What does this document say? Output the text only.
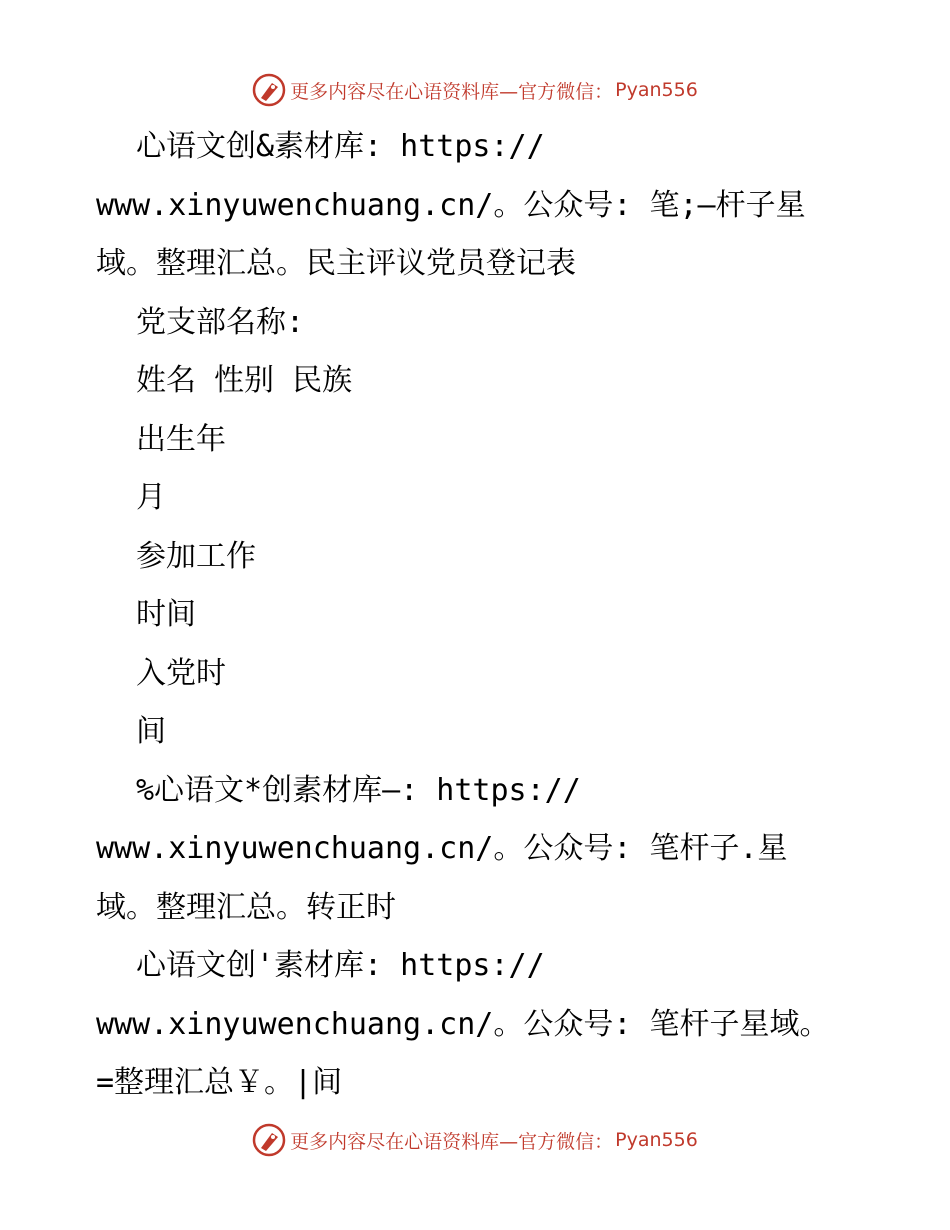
更多内容尽在心语资料库—官方微信： Pyan556
心语文创&素材库: https://
www.xinyuwenchuang.cn/。公众号: 笔;—杆子星
域。整理汇总。民主评议党员登记表
党支部名称:
姓名 性别 民族
出生年
月
参加工作
时间
入党时
间
%心语文*创素材库—: https://
www.xinyuwenchuang.cn/。公众号: 笔杆子.星
域。整理汇总。转正时
心语文创'素材库: https://
www.xinyuwenchuang.cn/。公众号: 笔杆子星域。
=整理汇总￥。|间
更多内容尽在心语资料库—官方微信： Pyan556
